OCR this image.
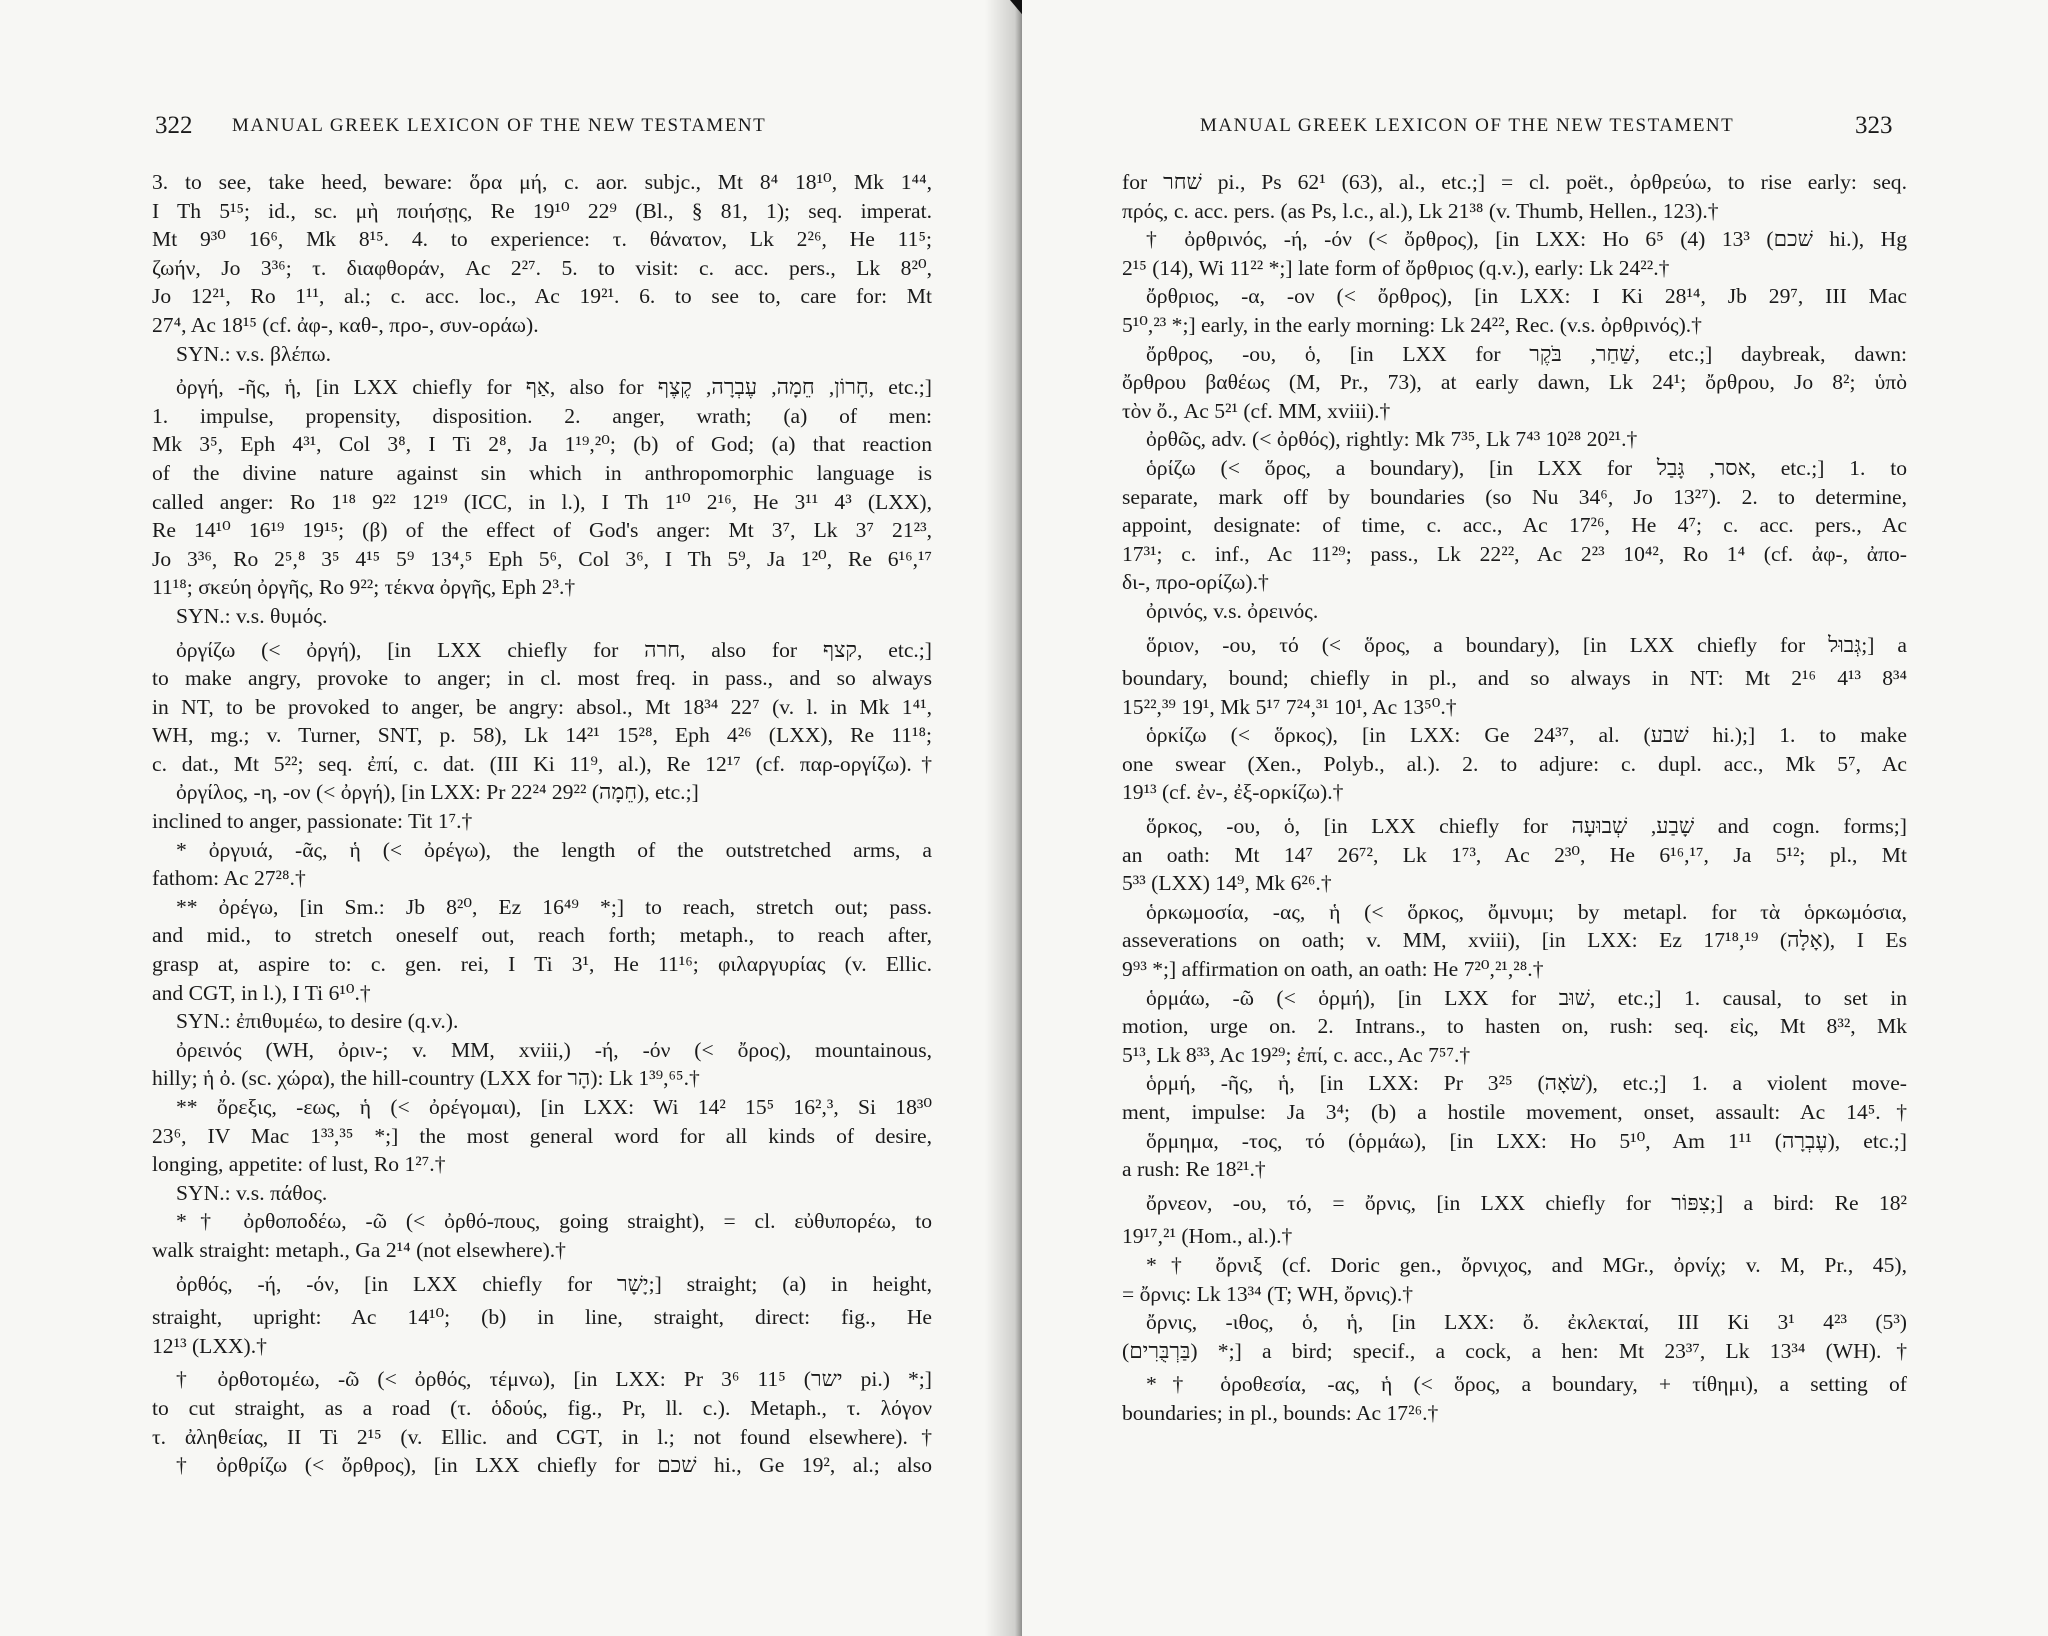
322 MANUAL GREEK LEXICON OF THE NEW TESTAMENT
3. to see, take heed, beware: ὅρα μή, c. aor. subjc., Mt 8⁴ 18¹⁰, Mk 1⁴⁴,
I Th 5¹⁵; id., sc. μὴ ποιήσῃς, Re 19¹⁰ 22⁹ (Bl., § 81, 1); seq. imperat.
Mt 9³⁰ 16⁶, Mk 8¹⁵. 4. to experience: τ. θάνατον, Lk 2²⁶, He 11⁵;
ζωήν, Jo 3³⁶; τ. διαφθοράν, Ac 2²⁷. 5. to visit: c. acc. pers., Lk 8²⁰,
Jo 12²¹, Ro 1¹¹, al.; c. acc. loc., Ac 19²¹. 6. to see to, care for: Mt
27⁴, Ac 18¹⁵ (cf. ἀφ-, καθ-, προ-, συν-οράω).
SYN.: v.s. βλέπω.
ὀργή, -ῆς, ἡ, [in LXX chiefly for אַף, also for חָרוֹן, חֵמָה, עֶבְרָה, קֶצֶף, etc.;]
1. impulse, propensity, disposition. 2. anger, wrath; (a) of men:
Mk 3⁵, Eph 4³¹, Col 3⁸, I Ti 2⁸, Ja 1¹⁹,²⁰; (b) of God; (a) that reaction
of the divine nature against sin which in anthropomorphic language is
called anger: Ro 1¹⁸ 9²² 12¹⁹ (ICC, in l.), I Th 1¹⁰ 2¹⁶, He 3¹¹ 4³ (LXX),
Re 14¹⁰ 16¹⁹ 19¹⁵; (β) of the effect of God's anger: Mt 3⁷, Lk 3⁷ 21²³,
Jo 3³⁶, Ro 2⁵,⁸ 3⁵ 4¹⁵ 5⁹ 13⁴,⁵ Eph 5⁶, Col 3⁶, I Th 5⁹, Ja 1²⁰, Re 6¹⁶,¹⁷
11¹⁸; σκεύη ὀργῆς, Ro 9²²; τέκνα ὀργῆς, Eph 2³.†
SYN.: v.s. θυμός.
ὀργίζω (< ὀργή), [in LXX chiefly for חרה, also for קצף, etc.;]
to make angry, provoke to anger; in cl. most freq. in pass., and so always
in NT, to be provoked to anger, be angry: absol., Mt 18³⁴ 22⁷ (v. l. in Mk 1⁴¹,
WH, mg.; v. Turner, SNT, p. 58), Lk 14²¹ 15²⁸, Eph 4²⁶ (LXX), Re 11¹⁸;
c. dat., Mt 5²²; seq. ἐπί, c. dat. (III Ki 11⁹, al.), Re 12¹⁷ (cf. παρ-οργίζω).†
ὀργίλος, -η, -ον (< ὀργή), [in LXX: Pr 22²⁴ 29²² (חֵמָה), etc.;]
inclined to anger, passionate: Tit 1⁷.†
* ὀργυιά, -ᾶς, ἡ (< ὀρέγω), the length of the outstretched arms, a
fathom: Ac 27²⁸.†
** ὀρέγω, [in Sm.: Jb 8²⁰, Ez 16⁴⁹ *;] to reach, stretch out; pass.
and mid., to stretch oneself out, reach forth; metaph., to reach after,
grasp at, aspire to: c. gen. rei, I Ti 3¹, He 11¹⁶; φιλαργυρίας (v. Ellic.
and CGT, in l.), I Ti 6¹⁰.†
SYN.: ἐπιθυμέω, to desire (q.v.).
ὀρεινός (WH, ὀριν-; v. MM, xviii,) -ή, -όν (< ὄρος), mountainous,
hilly; ἡ ὀ. (sc. χώρα), the hill-country (LXX for הָר): Lk 1³⁹,⁶⁵.†
** ὄρεξις, -εως, ἡ (< ὀρέγομαι), [in LXX: Wi 14² 15⁵ 16²,³, Si 18³⁰
23⁶, IV Mac 1³³,³⁵ *;] the most general word for all kinds of desire,
longing, appetite: of lust, Ro 1²⁷.†
SYN.: v.s. πάθος.
*† ὀρθοποδέω, -ῶ (< ὀρθό-πους, going straight), = cl. εὐθυπορέω, to
walk straight: metaph., Ga 2¹⁴ (not elsewhere).†
ὀρθός, -ή, -όν, [in LXX chiefly for יָשָׁר;] straight; (a) in height,
straight, upright: Ac 14¹⁰; (b) in line, straight, direct: fig., He
12¹³ (LXX).†
† ὀρθοτομέω, -ῶ (< ὀρθός, τέμνω), [in LXX: Pr 3⁶ 11⁵ (ישר pi.) *;]
to cut straight, as a road (τ. ὁδούς, fig., Pr, ll. c.). Metaph., τ. λόγον
τ. ἀληθείας, II Ti 2¹⁵ (v. Ellic. and CGT, in l.; not found elsewhere).†
† ὀρθρίζω (< ὄρθρος), [in LXX chiefly for שׁכם hi., Ge 19², al.; also
MANUAL GREEK LEXICON OF THE NEW TESTAMENT	323
for שׁחר pi., Ps 62¹ (63), al., etc.;] = cl. poët., ὀρθρεύω, to rise early: seq.
πρός, c. acc. pers. (as Ps, l.c., al.), Lk 21³⁸ (v. Thumb, Hellen., 123).†
† ὀρθρινός, -ή, -όν (< ὄρθρος), [in LXX: Ho 6⁵ (4) 13³ (שׁכם hi.), Hg
2¹⁵ (14), Wi 11²² *;] late form of ὄρθριος (q.v.), early: Lk 24²².†
ὄρθριος, -α, -ον (< ὄρθρος), [in LXX: I Ki 28¹⁴, Jb 29⁷, III Mac
5¹⁰,²³ *;] early, in the early morning: Lk 24²², Rec. (v.s. ὀρθρινός).†
ὄρθρος, -ου, ὁ, [in LXX for שַׁחַר, בֹּקֶר, etc.;] daybreak, dawn:
ὄρθρου βαθέως (M, Pr., 73), at early dawn, Lk 24¹; ὄρθρου, Jo 8²; ὑπὸ
τὸν ὄ., Ac 5²¹ (cf. MM, xviii).†
ὀρθῶς, adv. (< ὀρθός), rightly: Mk 7³⁵, Lk 7⁴³ 10²⁸ 20²¹.†
ὁρίζω (< ὅρος, a boundary), [in LXX for אסר, גָּבַל, etc.;] 1. to
separate, mark off by boundaries (so Nu 34⁶, Jo 13²⁷). 2. to determine,
appoint, designate: of time, c. acc., Ac 17²⁶, He 4⁷; c. acc. pers., Ac
17³¹; c. inf., Ac 11²⁹; pass., Lk 22²², Ac 2²³ 10⁴², Ro 1⁴ (cf. ἀφ-, ἀπο-
δι-, προ-ορίζω).†
ὀρινός, v.s. ὀρεινός.
ὅριον, -ου, τό (< ὅρος, a boundary), [in LXX chiefly for גְּבוּל;] a
boundary, bound; chiefly in pl., and so always in NT: Mt 2¹⁶ 4¹³ 8³⁴
15²²,³⁹ 19¹, Mk 5¹⁷ 7²⁴,³¹ 10¹, Ac 13⁵⁰.†
ὁρκίζω (< ὅρκος), [in LXX: Ge 24³⁷, al. (שׁבע hi.);] 1. to make
one swear (Xen., Polyb., al.). 2. to adjure: c. dupl. acc., Mk 5⁷, Ac
19¹³ (cf. ἐν-, ἐξ-ορκίζω).†
ὅρκος, -ου, ὁ, [in LXX chiefly for שָׁבַע, שְׁבוּעָה and cogn. forms;]
an oath: Mt 14⁷ 26⁷², Lk 1⁷³, Ac 2³⁰, He 6¹⁶,¹⁷, Ja 5¹²; pl., Mt
5³³ (LXX) 14⁹, Mk 6²⁶.†
ὁρκωμοσία, -ας, ἡ (< ὅρκος, ὄμνυμι; by metapl. for τὰ ὁρκωμόσια,
asseverations on oath; v. MM, xviii), [in LXX: Ez 17¹⁸,¹⁹ (אָלָה), I Es
9⁹³ *;] affirmation on oath, an oath: He 7²⁰,²¹,²⁸.†
ὁρμάω, -ῶ (< ὁρμή), [in LXX for שׁוּב, etc.;] 1. causal, to set in
motion, urge on. 2. Intrans., to hasten on, rush: seq. εἰς, Mt 8³², Mk
5¹³, Lk 8³³, Ac 19²⁹; ἐπί, c. acc., Ac 7⁵⁷.†
ὁρμή, -ῆς, ἡ, [in LXX: Pr 3²⁵ (שֹׁאָה), etc.;] 1. a violent move-
ment, impulse: Ja 3⁴; (b) a hostile movement, onset, assault: Ac 14⁵.†
ὅρμημα, -τος, τό (ὁρμάω), [in LXX: Ho 5¹⁰, Am 1¹¹ (עֶבְרָה), etc.;]
a rush: Re 18²¹.†
ὄρνεον, -ου, τό, = ὄρνις, [in LXX chiefly for צִפּוֹר;] a bird: Re 18²
19¹⁷,²¹ (Hom., al.).†
*† ὄρνιξ (cf. Doric gen., ὄρνιχος, and MGr., ὀρνίχ; v. M, Pr., 45),
= ὄρνις: Lk 13³⁴ (T; WH, ὄρνις).†
ὄρνις, -ιθος, ὁ, ἡ, [in LXX: ὄ. ἐκλεκταί, III Ki 3¹ 4²³ (5³)
(בַּרְבֻּרִים) *;] a bird; specif., a cock, a hen: Mt 23³⁷, Lk 13³⁴ (WH).†
*† ὁροθεσία, -ας, ἡ (< ὅρος, a boundary, + τίθημι), a setting of
boundaries; in pl., bounds: Ac 17²⁶.†
